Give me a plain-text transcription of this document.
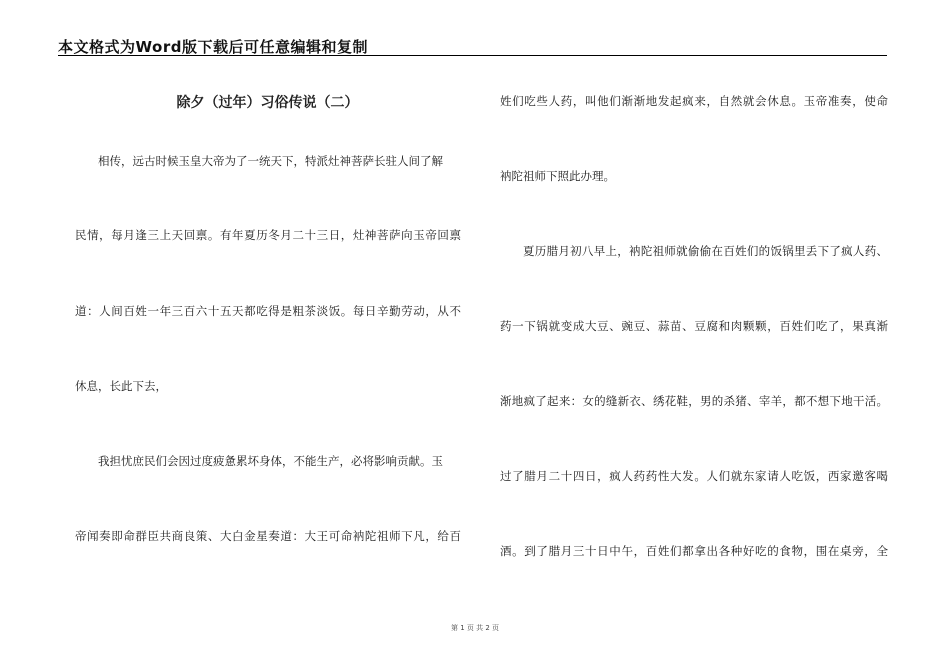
本文格式为Word版下载后可任意编辑和复制
除夕（过年）习俗传说（二）
相传，远古时候玉皇大帝为了一统天下，特派灶神菩萨长驻人间了解
民情，每月逢三上天回禀。有年夏历冬月二十三日，灶神菩萨向玉帝回禀
道：人间百姓一年三百六十五天都吃得是粗茶淡饭。每日辛勤劳动，从不
休息，长此下去，
我担忧庶民们会因过度疲惫累坏身体，不能生产，必将影响贡献。玉
帝闻奏即命群臣共商良策、大白金星奏道：大王可命衲陀祖师下凡，给百
姓们吃些人药，叫他们渐渐地发起疯来，自然就会休息。玉帝准奏，使命
衲陀祖师下照此办理。
夏历腊月初八早上，衲陀祖师就偷偷在百姓们的饭锅里丢下了疯人药、
药一下锅就变成大豆、豌豆、蒜苗、豆腐和肉颗颗，百姓们吃了，果真渐
渐地疯了起来：女的缝新衣、绣花鞋，男的杀猪、宰羊，都不想下地干活。
过了腊月二十四日，疯人药药性大发。人们就东家请人吃饭，西家邀客喝
酒。到了腊月三十日中午，百姓们都拿出各种好吃的食物，围在桌旁，全
第 1 页 共 2 页
